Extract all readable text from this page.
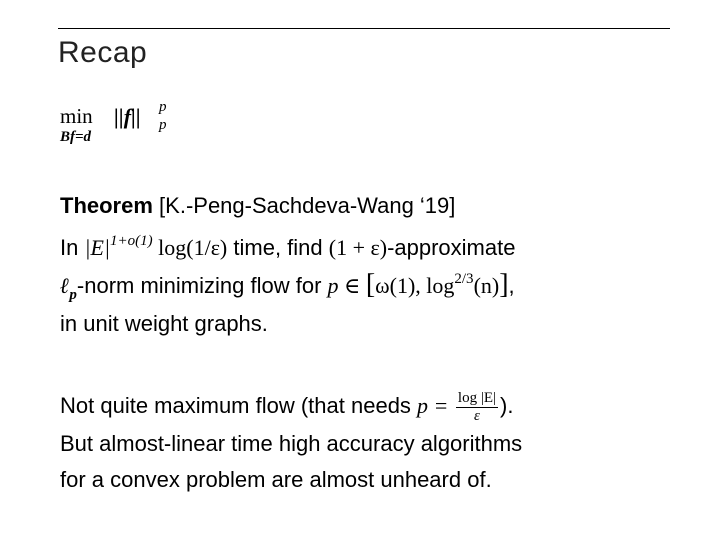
Recap
min
Bf=d
||f|| p
p
Theorem [K.-Peng-Sachdeva-Wang ‘19]
In $|E|^{1+o(1)}$ log(1/ε) time, find (1 + ε)-approximate
ℓ$_p$-norm minimizing flow for p ∈ [ω(1), $\log^{2/3}(n)$],
in unit weight graphs.
Not quite maximum flow (that needs $p = \frac{\log |E|}{\varepsilon}$ ).
But almost-linear time high accuracy algorithms
for a convex problem are almost unheard of.
